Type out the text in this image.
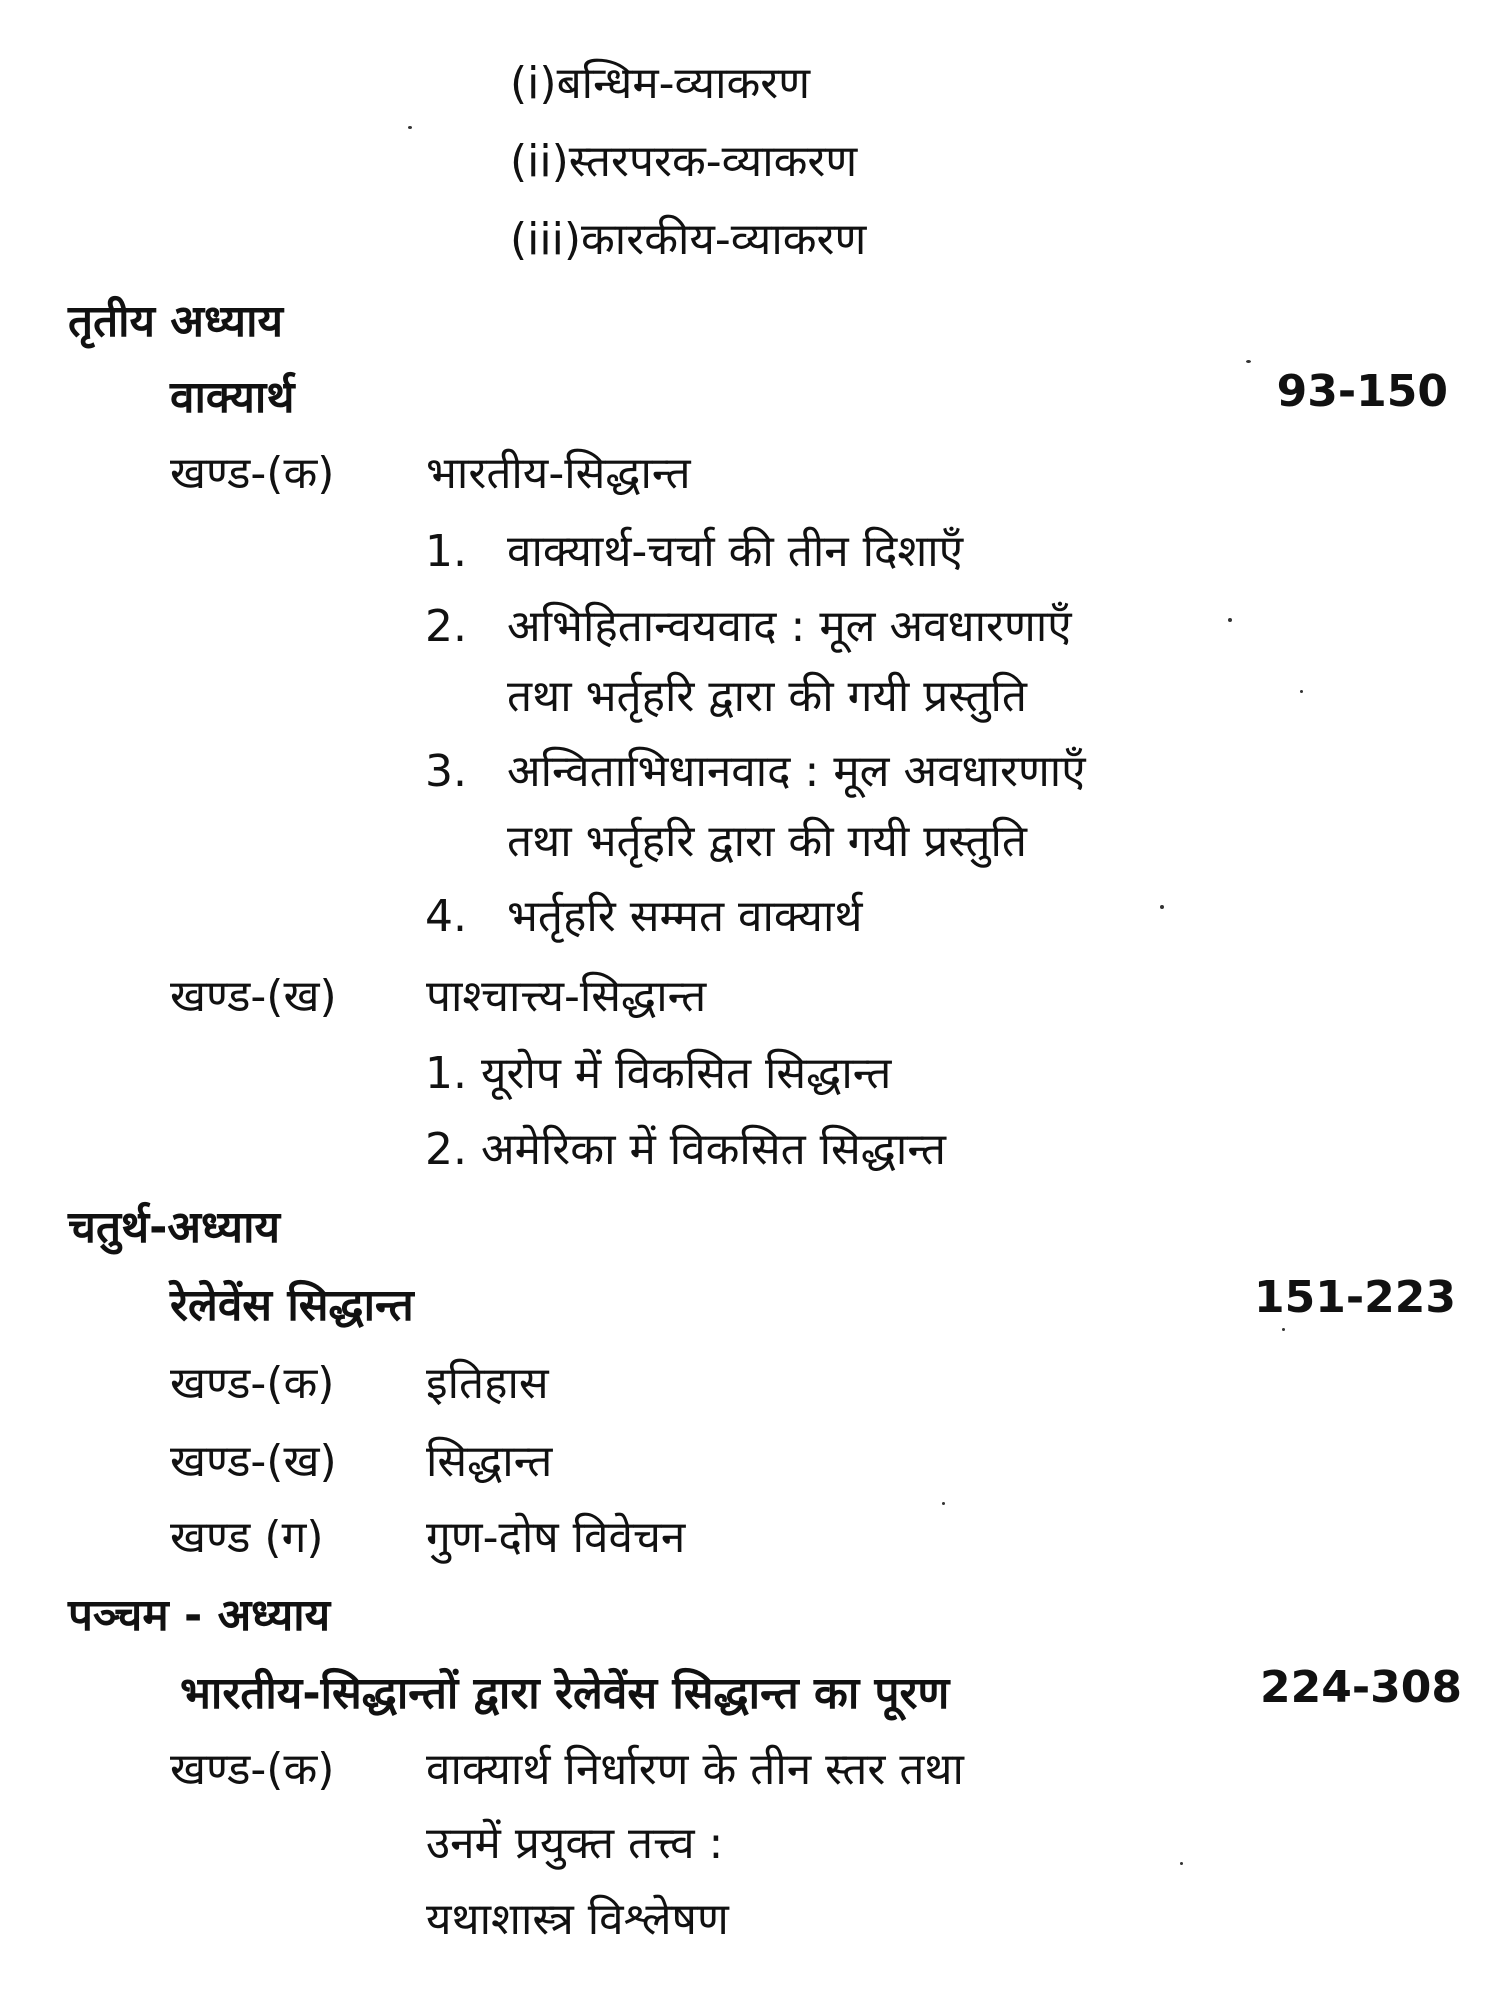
(i)बन्धिम-व्याकरण
(ii)स्तरपरक-व्याकरण
(iii)कारकीय-व्याकरण
तृतीय अध्याय
वाक्यार्थ	93-150
खण्ड-(क) भारतीय-सिद्धान्त
1. वाक्यार्थ-चर्चा की तीन दिशाएँ
2. अभिहितान्वयवाद : मूल अवधारणाएँ
तथा भर्तृहरि द्वारा की गयी प्रस्तुति
3. अन्विताभिधानवाद : मूल अवधारणाएँ
तथा भर्तृहरि द्वारा की गयी प्रस्तुति
4. भर्तृहरि सम्मत वाक्यार्थ
खण्ड-(ख) पाश्चात्त्य-सिद्धान्त
1. यूरोप में विकसित सिद्धान्त
2. अमेरिका में विकसित सिद्धान्त
चतुर्थ-अध्याय
रेलेवेंस सिद्धान्त	151-223
खण्ड-(क) इतिहास
खण्ड-(ख) सिद्धान्त
खण्ड (ग) गुण-दोष विवेचन
पञ्चम - अध्याय
भारतीय-सिद्धान्तों द्वारा रेलेवेंस सिद्धान्त का पूरण	224-308
खण्ड-(क) वाक्यार्थ निर्धारण के तीन स्तर तथा
उनमें प्रयुक्त तत्त्व :
यथाशास्त्र विश्लेषण
